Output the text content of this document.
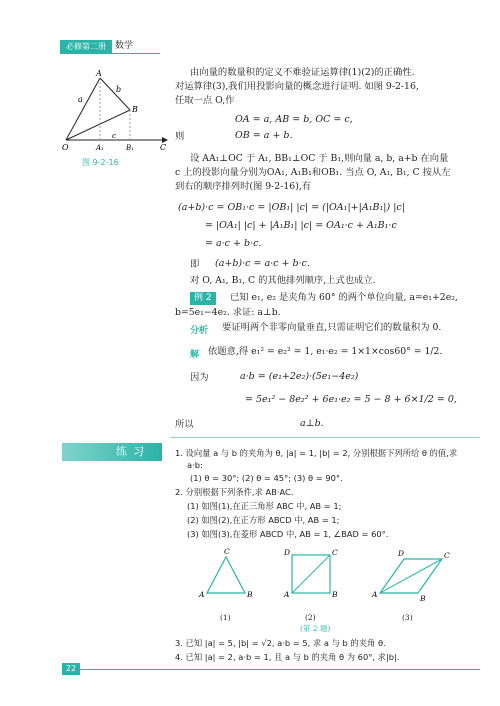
必修第二册	数学
a
b
B
A
O	A₁
c
B₁	C
图 9-2-16
由向量的数量积的定义不难验证运算律(1)(2)的正确性.
对运算律(3),我们用投影向量的概念进行证明. 如图 9-2-16,
任取一点 O,作
OA = a, AB = b, OC = c,
则	OB = a + b.
设 AA₁⊥OC 于 A₁, BB₁⊥OC 于 B₁,则向量 a, b, a+b 在向量
c 上的投影向量分别为OA₁, A₁B₁和OB₁. 当点 O, A₁, B₁, C 按从左
到右的顺序排列时(图 9-2-16),有
(a+b)·c = OB₁·c = |OB₁| |c| = (|OA₁|+|A₁B₁|) |c|
= |OA₁| |c| + |A₁B₁| |c| = OA₁·c + A₁B₁·c
= a·c + b·c.
即 (a+b)·c = a·c + b·c.
对 O, A₁, B₁, C 的其他排列顺序,上式也成立.
例 2	已知 e₁, e₂ 是夹角为 60° 的两个单位向量, a=e₁+2e₂,
b=5e₁−4e₂. 求证: a⊥b.
分析 要证明两个非零向量垂直,只需证明它们的数量积为 0.
解 依题意,得 e₁² = e₂² = 1, e₁·e₂ = 1×1×cos60° = 1/2.
因为	a·b = (e₁+2e₂)·(5e₁−4e₂)
= 5e₁² − 8e₂² + 6e₁·e₂ = 5 − 8 + 6×1/2 = 0,
所以	a⊥b.
练习	1. 设向量 a 与 b 的夹角为 θ, |a| = 1, |b| = 2, 分别根据下列所给 θ 的值,求
a·b:
(1) θ = 30°; (2) θ = 45°; (3) θ = 90°.
2. 分别根据下列条件,求 AB·AC.
(1) 如图(1),在正三角形 ABC 中, AB = 1;
(2) 如图(2),在正方形 ABCD 中, AB = 1;
(3) 如图(3),在菱形 ABCD 中, AB = 1, ∠BAD = 60°.
A	B
C
(1)
A	B
C
D
(2)
A	B
C
D
(3)
(第 2 题)
3. 已知 |a| = 5, |b| = √2, a·b = 5, 求 a 与 b 的夹角 θ.
4. 已知 |a| = 2, a·b = 1, 且 a 与 b 的夹角 θ 为 60°, 求|b|.
22
